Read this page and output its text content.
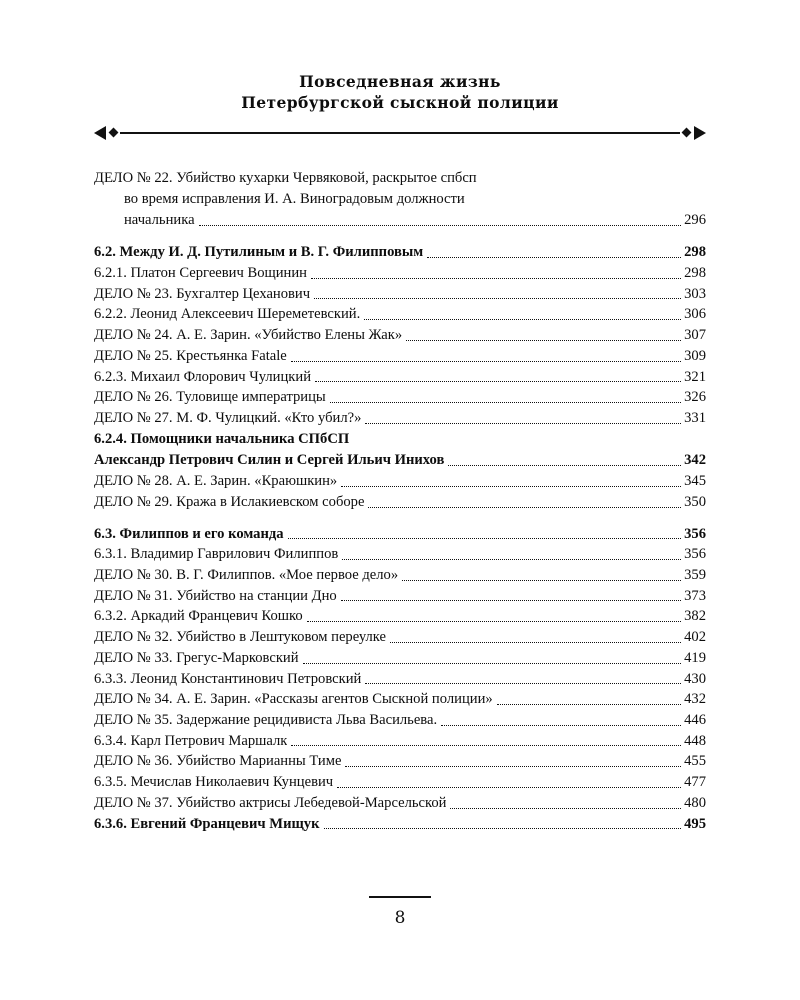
Повседневная жизнь
Петербургской сыскной полиции
ДЕЛО № 22. Убийство кухарки Червяковой, раскрытое спбсп
во время исправления И. А. Виноградовым должности
начальника	296
6.2. Между И. Д. Путилиным и В. Г. Филипповым	298
6.2.1. Платон Сергеевич Вощинин	298
ДЕЛО № 23. Бухгалтер Цеханович	303
6.2.2. Леонид Алексеевич Шереметевский.	306
ДЕЛО № 24. А. Е. Зарин. «Убийство Елены Жак»	307
ДЕЛО № 25. Крестьянка Fatale	309
6.2.3. Михаил Флорович Чулицкий	321
ДЕЛО № 26. Туловище императрицы	326
ДЕЛО № 27. М. Ф. Чулицкий. «Кто убил?»	331
6.2.4. Помощники начальника СПбСП
Александр Петрович Силин и Сергей Ильич Инихов	342
ДЕЛО № 28. А. Е. Зарин. «Краюшкин»	345
ДЕЛО № 29. Кража в Ислакиевском соборе	350
6.3. Филиппов и его команда	356
6.3.1. Владимир Гаврилович Филиппов	356
ДЕЛО № 30. В. Г. Филиппов. «Мое первое дело»	359
ДЕЛО № 31. Убийство на станции Дно	373
6.3.2. Аркадий Францевич Кошко	382
ДЕЛО № 32. Убийство в Лештуковом переулке	402
ДЕЛО № 33. Грегус-Марковский	419
6.3.3. Леонид Константинович Петровский	430
ДЕЛО № 34. А. Е. Зарин. «Рассказы агентов Сыскной полиции»	432
ДЕЛО № 35. Задержание рецидивиста Льва Васильева.	446
6.3.4. Карл Петрович Маршалк	448
ДЕЛО № 36. Убийство Марианны Тиме	455
6.3.5. Мечислав Николаевич Кунцевич	477
ДЕЛО № 37. Убийство актрисы Лебедевой-Марсельской	480
6.3.6. Евгений Францевич Мищук	495
8
